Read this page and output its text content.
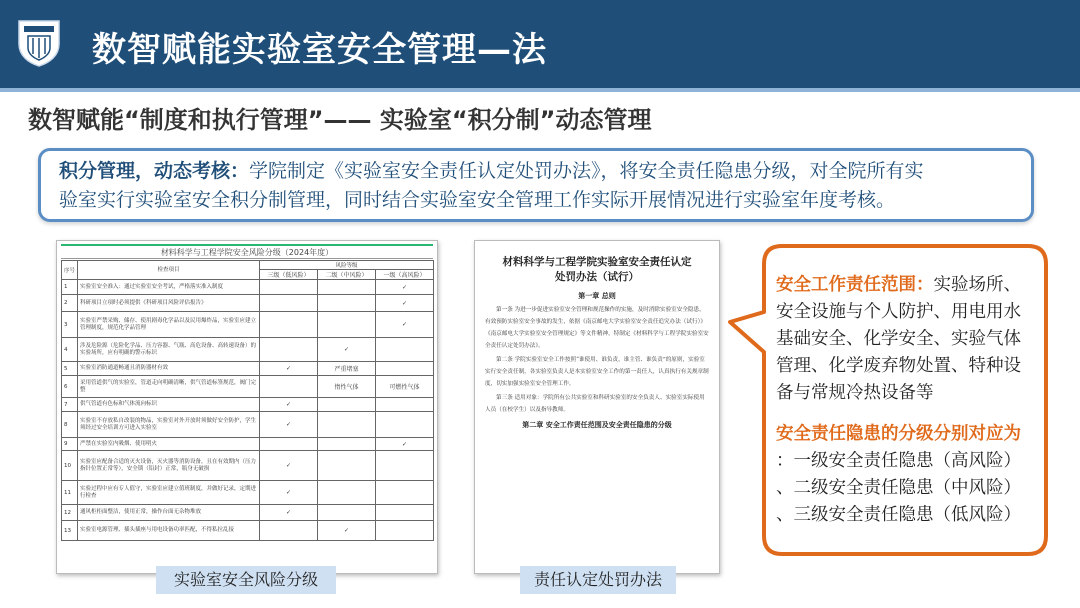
数智赋能实验室安全管理—法
数智赋能“制度和执行管理”—— 实验室“积分制”动态管理
积分管理，动态考核：学院制定《实验室安全责任认定处罚办法》，将安全责任隐患分级，对全院所有实
验室实行实验室安全积分制管理，同时结合实验室安全管理工作实际开展情况进行实验室年度考核。
材料科学与工程学院安全风险分级（2024年度）
序号	检查项目	风险等级		
		三级（低风险）	二级（中风险）	一级（高风险）
1	实验室安全准入：通过实验室安全考试，严格落实准入制度			✓
2	科研项目立项时必须提供《科研项目风险评估报告》			✓
3	实验室严禁采购、储存、使用剧毒化学品以及民用爆炸品，实验室应建立管理制度，规范化学品管理			✓
4	涉及危险源（危险化学品、压力容器、气瓶、高危设备、高转速设备）的实验场所，应有明确的警示标识		✓	
5	实验室消防通道畅通且消防器材有效	✓	严重堵塞	
6	采用管道供气的实验室，管道走向明确清晰，供气管道标签规范，阀门完整		惰性气体	可燃性气体
7	供气管道有色标和气体流向标识	✓		
8	实验室不存放私自改装的物品，实验室对外开放时须做好安全防护，学生须经过安全培训方可进入实验室	✓		
9	严禁在实验室内吸烟、使用明火			✓
10	实验室应配备合适的灭火设备，灭火器等消防设备，且在有效期内（压力指针位置正常等），安全锁（铅封）正常，瓶身无破损	✓		
11	实验过程中应有专人值守，实验室应建立值班制度，并做好记录，定期进行检查	✓		
12	通风柜柜面整洁，使用正常，操作台面无杂物堆放	✓		
13	实验室电源管理、插头插座与用电设备功率匹配，不得私拉乱接		✓	
材料科学与工程学院实验室安全责任认定
处罚办法（试行）
第一章 总则
第一条 为进一步促进实验室安全管理和规范操作的实施，及时消除实验室安全隐患，有效预防实验室安全事故的发生，依据《南京邮电大学实验室安全责任追究办法（试行）》《南京邮电大学实验室安全管理规定》等文件精神，特制定《材料科学与工程学院实验室安全责任认定处罚办法》。
第二条 学院实验室安全工作按照“谁使用、谁负责，谁主管、谁负责”的原则，实验室实行安全责任制，各实验室负责人是本实验室安全工作的第一责任人，认真执行有关规章制度，切实加强实验室安全管理工作。
第三条 适用对象：学院所有公共实验室和科研实验室的安全负责人、实验室实际使用人员（在校学生）以及指导教师。
第二章 安全工作责任范围及安全责任隐患的分级
实验室安全风险分级	责任认定处罚办法
安全工作责任范围：实验场所、
安全设施与个人防护、用电用水
基础安全、化学安全、实验气体
管理、化学废弃物处置、特种设
备与常规冷热设备等
安全责任隐患的分级分别对应为
：一级安全责任隐患（高风险）
、二级安全责任隐患（中风险）
、三级安全责任隐患（低风险）
